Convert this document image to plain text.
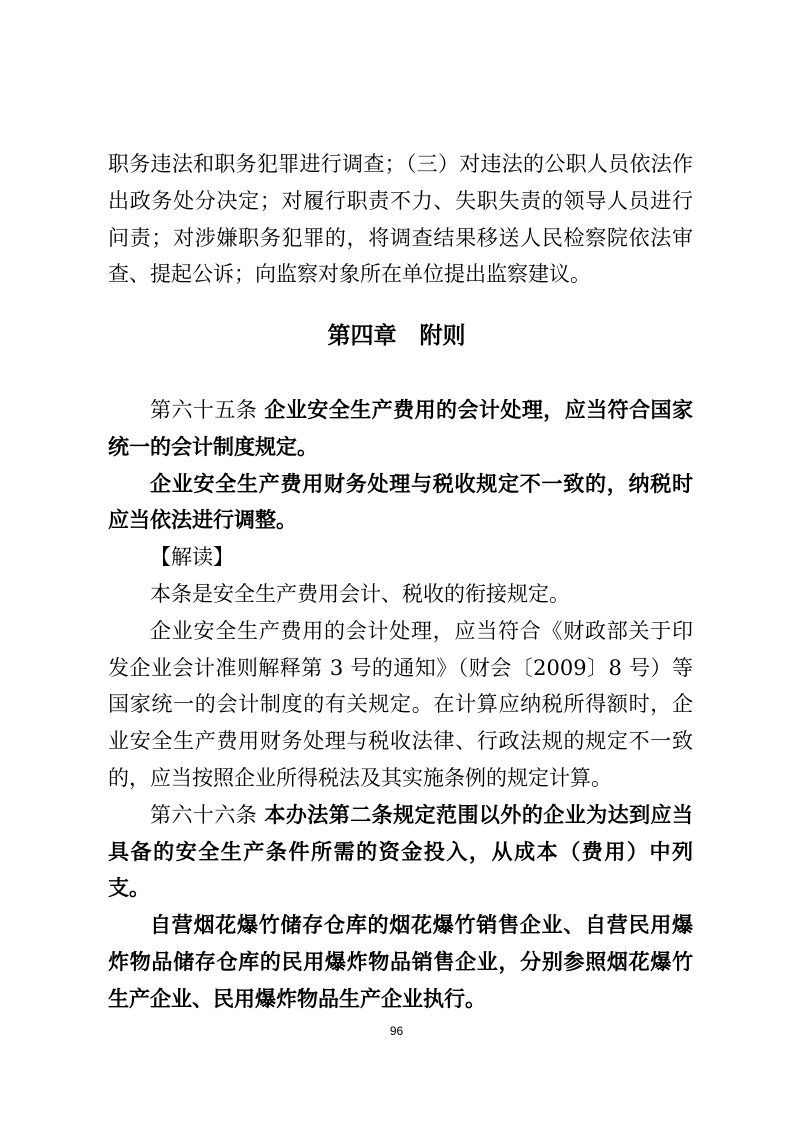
职务违法和职务犯罪进行调查；（三）对违法的公职人员依法作出政务处分决定；对履行职责不力、失职失责的领导人员进行问责；对涉嫌职务犯罪的，将调查结果移送人民检察院依法审查、提起公诉；向监察对象所在单位提出监察建议。

第四章　附则

第六十五条 企业安全生产费用的会计处理，应当符合国家统一的会计制度规定。

企业安全生产费用财务处理与税收规定不一致的，纳税时应当依法进行调整。

【解读】

本条是安全生产费用会计、税收的衔接规定。

企业安全生产费用的会计处理，应当符合《财政部关于印发企业会计准则解释第 3 号的通知》（财会〔2009〕8 号）等国家统一的会计制度的有关规定。在计算应纳税所得额时，企业安全生产费用财务处理与税收法律、行政法规的规定不一致的，应当按照企业所得税法及其实施条例的规定计算。

第六十六条 本办法第二条规定范围以外的企业为达到应当具备的安全生产条件所需的资金投入，从成本（费用）中列支。

自营烟花爆竹储存仓库的烟花爆竹销售企业、自营民用爆炸物品储存仓库的民用爆炸物品销售企业，分别参照烟花爆竹生产企业、民用爆炸物品生产企业执行。

96
